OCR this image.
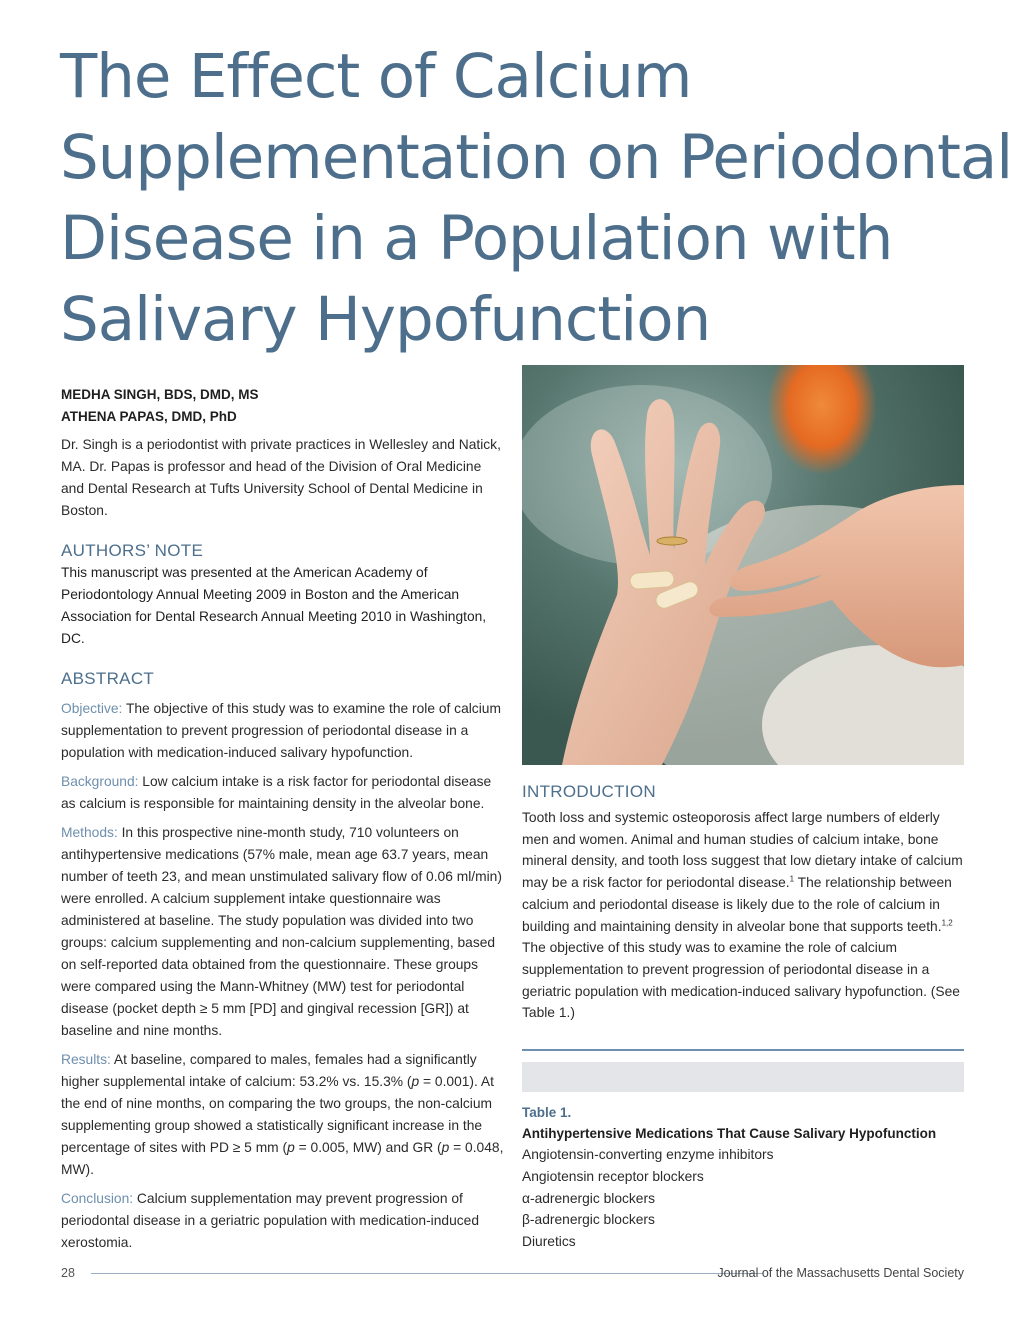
The Effect of Calcium
Supplementation on Periodontal
Disease in a Population with
Salivary Hypofunction
MEDHA SINGH, BDS, DMD, MS
ATHENA PAPAS, DMD, PhD
Dr. Singh is a periodontist with private practices in Wellesley and Natick, MA. Dr. Papas is professor and head of the Division of Oral Medicine and Dental Research at Tufts University School of Dental Medicine in Boston.
AUTHORS’ NOTE
This manuscript was presented at the American Academy of Periodontology Annual Meeting 2009 in Boston and the American Association for Dental Research Annual Meeting 2010 in Washington, DC.
ABSTRACT
Objective: The objective of this study was to examine the role of calcium supplementation to prevent progression of periodontal disease in a population with medication-induced salivary hypofunction.
Background: Low calcium intake is a risk factor for periodontal disease as calcium is responsible for maintaining density in the alveolar bone.
Methods: In this prospective nine-month study, 710 volunteers on antihypertensive medications (57% male, mean age 63.7 years, mean number of teeth 23, and mean unstimulated salivary flow of 0.06 ml/min) were enrolled. A calcium supplement intake questionnaire was administered at baseline. The study population was divided into two groups: calcium supplementing and non-calcium supplementing, based on self-reported data obtained from the questionnaire. These groups were compared using the Mann-Whitney (MW) test for periodontal disease (pocket depth ≥ 5 mm [PD] and gingival recession [GR]) at baseline and nine months.
Results: At baseline, compared to males, females had a significantly higher supplemental intake of calcium: 53.2% vs. 15.3% (p = 0.001). At the end of nine months, on comparing the two groups, the non-calcium supplementing group showed a statistically significant increase in the percentage of sites with PD ≥ 5 mm (p = 0.005, MW) and GR (p = 0.048, MW).
Conclusion: Calcium supplementation may prevent progression of periodontal disease in a geriatric population with medication-induced xerostomia.
INTRODUCTION
Tooth loss and systemic osteoporosis affect large numbers of elderly men and women. Animal and human studies of calcium intake, bone mineral density, and tooth loss suggest that low dietary intake of calcium may be a risk factor for periodontal disease.$^1$ The relationship between calcium and periodontal disease is likely due to the role of calcium in building and maintaining density in alveolar bone that supports teeth.$^{1,2}$ The objective of this study was to examine the role of calcium supplementation to prevent progression of periodontal disease in a geriatric population with medication-induced salivary hypofunction. (See Table 1.)
Table 1.
Antihypertensive Medications That Cause Salivary Hypofunction
Angiotensin-converting enzyme inhibitors
Angiotensin receptor blockers
α-adrenergic blockers
β-adrenergic blockers
Diuretics
28	Journal of the Massachusetts Dental Society
